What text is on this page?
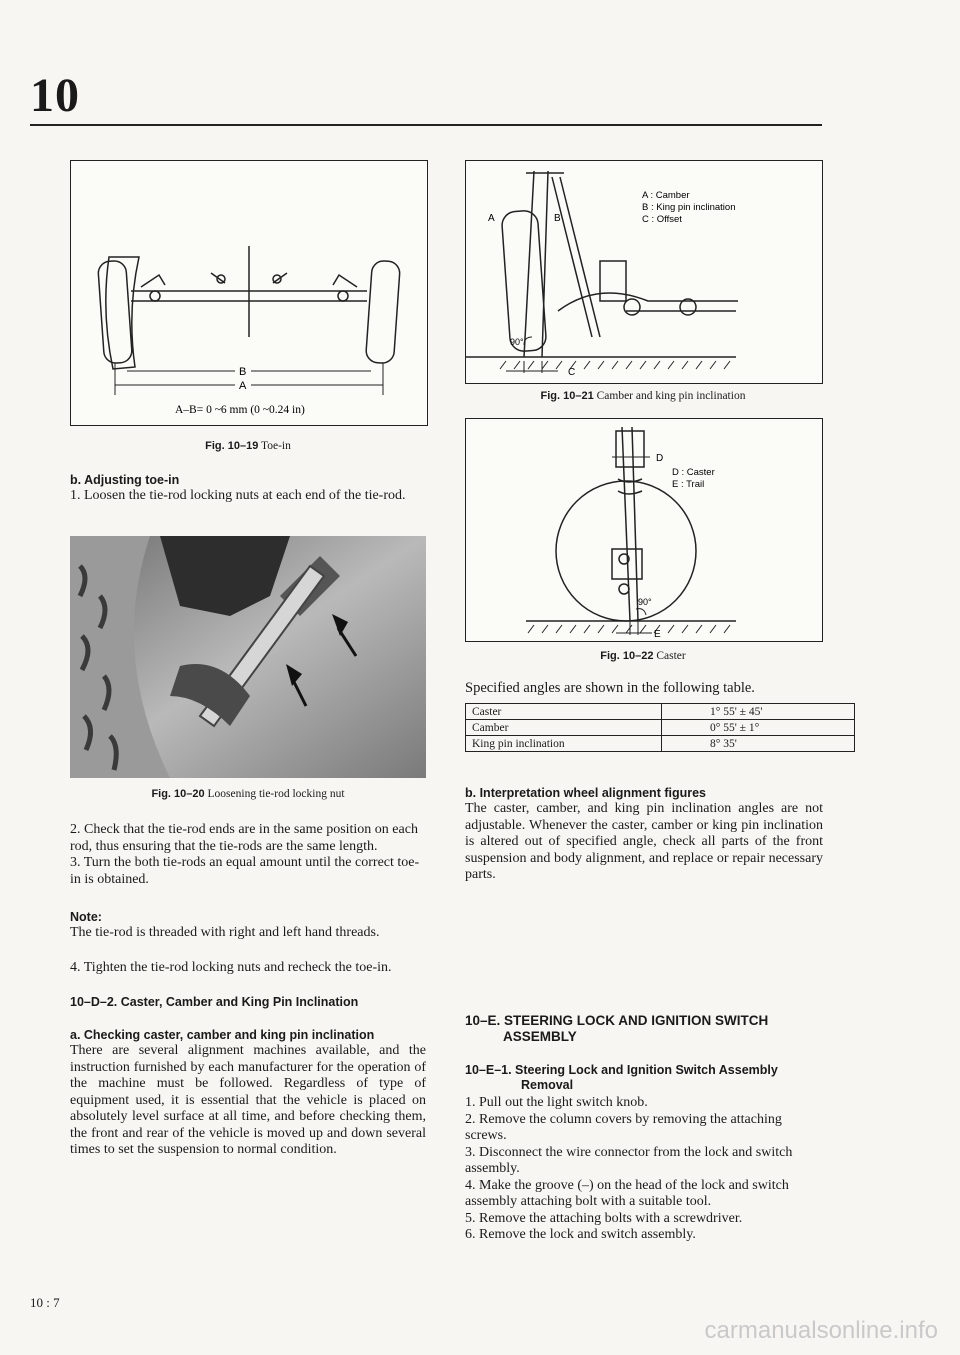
10
B
A
A–B= 0 ~6 mm (0 ~0.24 in)
Fig. 10–19 Toe-in
b. Adjusting toe-in

1. Loosen the tie-rod locking nuts at each end of the tie-rod.

Fig. 10–20 Loosening tie-rod locking nut

2. Check that the tie-rod ends are in the same position on each rod, thus ensuring that the tie-rods are the same length.

3. Turn the both tie-rods an equal amount until the correct toe-in is obtained.

Note:

The tie-rod is threaded with right and left hand threads.

4. Tighten the tie-rod locking nuts and recheck the toe-in.

10–D–2. Caster, Camber and King Pin Inclination
a. Checking caster, camber and king pin inclination

There are several alignment machines available, and the instruction furnished by each manufacturer for the operation of the machine must be followed. Regardless of type of equipment used, it is essential that the vehicle is placed on absolutely level surface at all time, and before checking them, the front and rear of the vehicle is moved up and down several times to set the suspension to normal condition.

A	B
C
90°
A : Camber
B : King pin inclination
C : Offset
Fig. 10–21 Camber and king pin inclination
D
E
90°
D : Caster
E : Trail
Fig. 10–22 Caster
Specified angles are shown in the following table.
Caster	1° 55' ± 45'
Camber	0° 55' ± 1°
King pin inclination	8° 35'
b. Interpretation wheel alignment figures

The caster, camber, and king pin inclination angles are not adjustable. Whenever the caster, camber or king pin inclination is altered out of specified angle, check all parts of the front suspension and body alignment, and replace or repair necessary parts.

10–E. STEERING LOCK AND IGNITION SWITCH ASSEMBLY
10–E–1. Steering Lock and Ignition Switch Assembly Removal

1. Pull out the light switch knob.

2. Remove the column covers by removing the attaching screws.

3. Disconnect the wire connector from the lock and switch assembly.

4. Make the groove (–) on the head of the lock and switch assembly attaching bolt with a suitable tool.

5. Remove the attaching bolts with a screwdriver.

6. Remove the lock and switch assembly.

10 : 7
carmanualsonline.info
